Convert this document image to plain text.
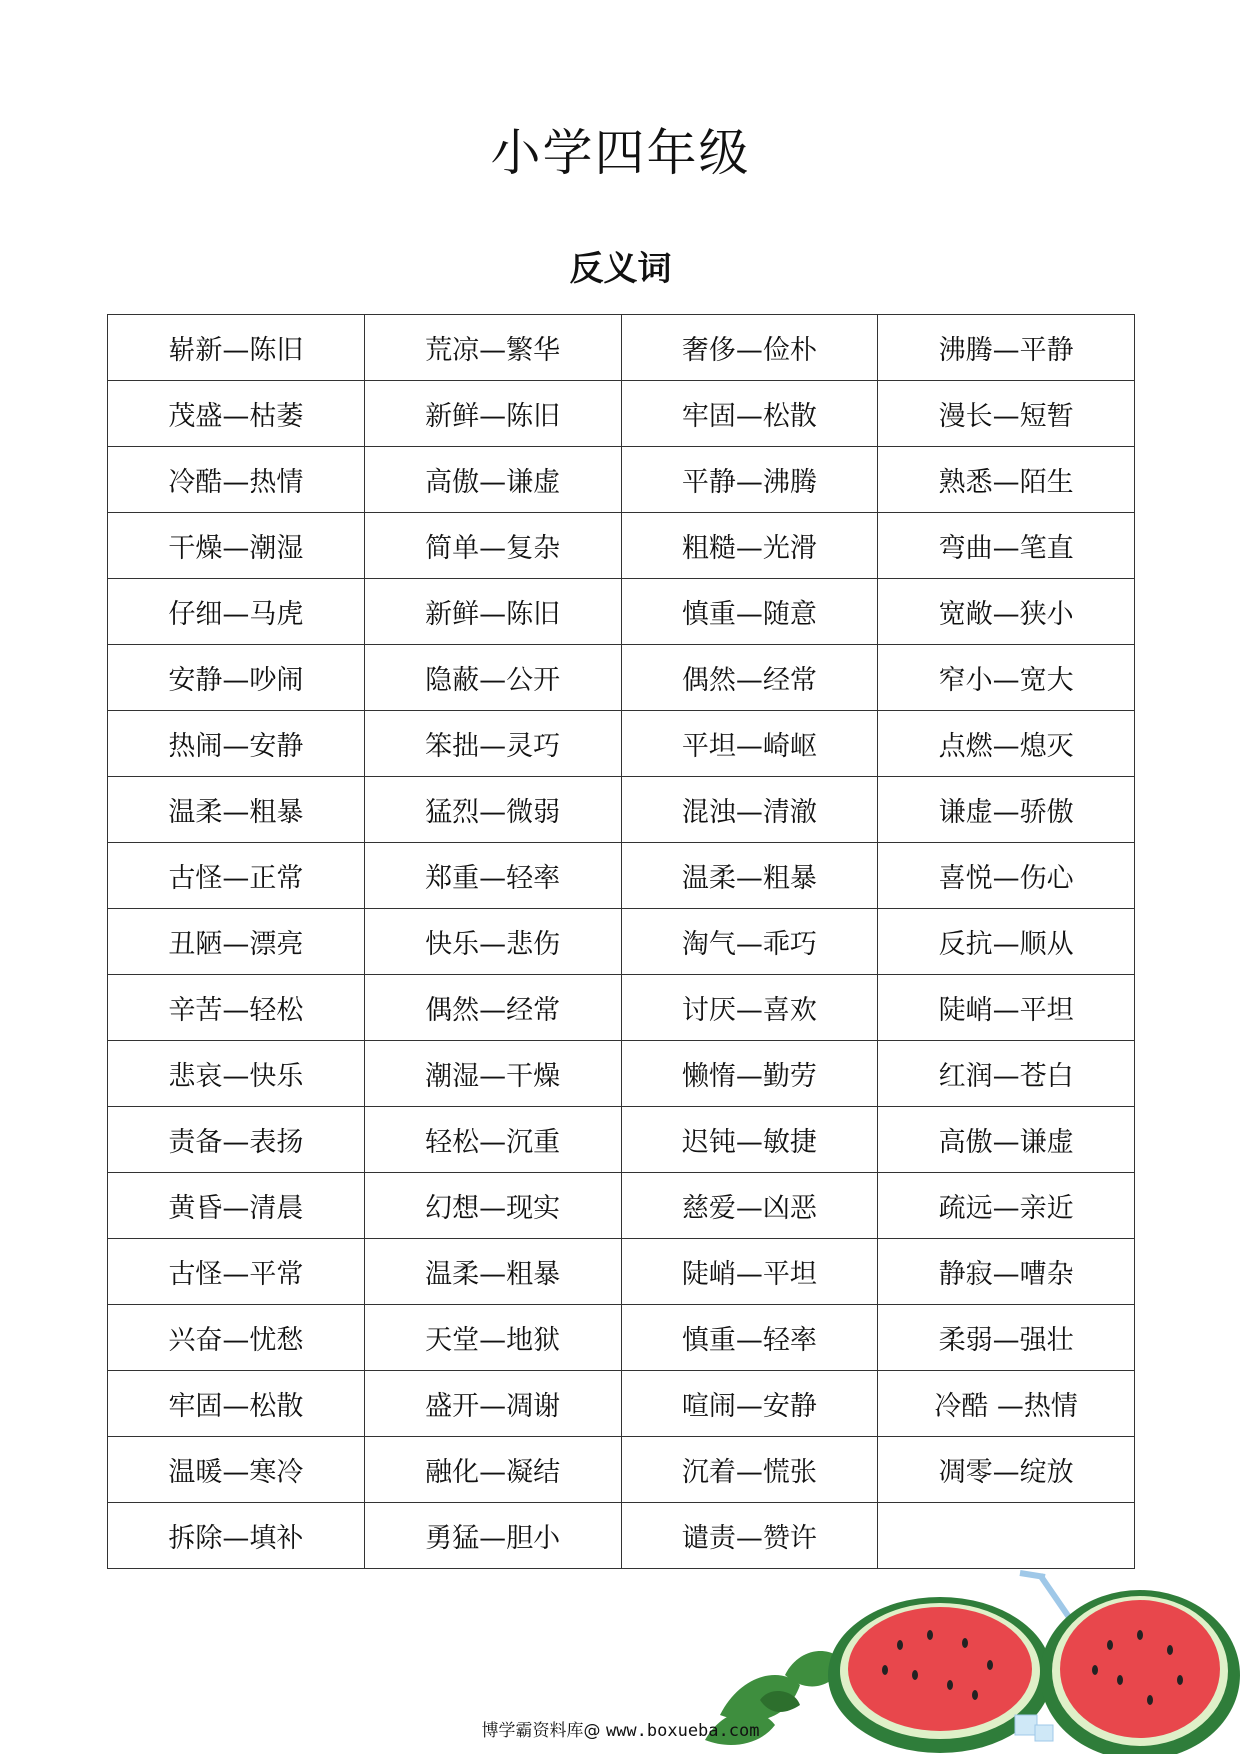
小学四年级
反义词
崭新—陈旧	荒凉—繁华	奢侈—俭朴	沸腾—平静
茂盛—枯萎	新鲜—陈旧	牢固—松散	漫长—短暂
冷酷—热情	高傲—谦虚	平静—沸腾	熟悉—陌生
干燥—潮湿	简单—复杂	粗糙—光滑	弯曲—笔直
仔细—马虎	新鲜—陈旧	慎重—随意	宽敞—狭小
安静—吵闹	隐蔽—公开	偶然—经常	窄小—宽大
热闹—安静	笨拙—灵巧	平坦—崎岖	点燃—熄灭
温柔—粗暴	猛烈—微弱	混浊—清澈	谦虚—骄傲
古怪—正常	郑重—轻率	温柔—粗暴	喜悦—伤心
丑陋—漂亮	快乐—悲伤	淘气—乖巧	反抗—顺从
辛苦—轻松	偶然—经常	讨厌—喜欢	陡峭—平坦
悲哀—快乐	潮湿—干燥	懒惰—勤劳	红润—苍白
责备—表扬	轻松—沉重	迟钝—敏捷	高傲—谦虚
黄昏—清晨	幻想—现实	慈爱—凶恶	疏远—亲近
古怪—平常	温柔—粗暴	陡峭—平坦	静寂—嘈杂
兴奋—忧愁	天堂—地狱	慎重—轻率	柔弱—强壮
牢固—松散	盛开—凋谢	喧闹—安静	冷酷 —热情
温暖—寒冷	融化—凝结	沉着—慌张	凋零—绽放
拆除—填补	勇猛—胆小	谴责—赞许	
博学霸资料库@ www.boxueba.com
